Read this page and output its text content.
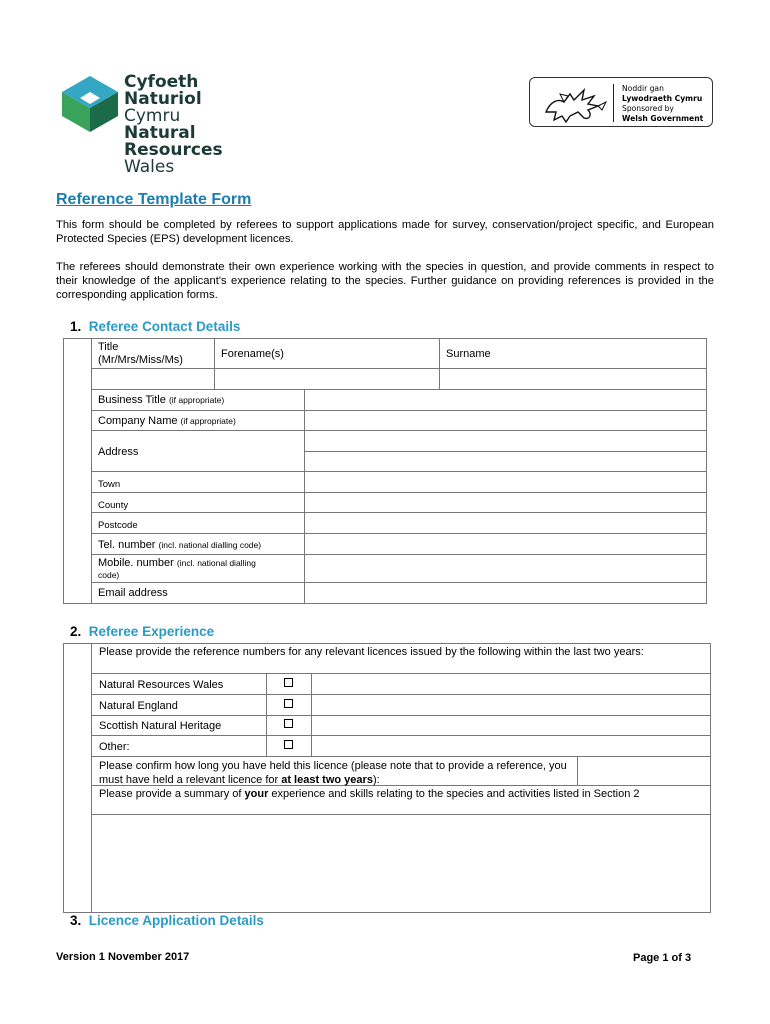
Cyfoeth
Naturiol
Cymru
Natural
Resources
Wales
Noddir gan
Lywodraeth Cymru
Sponsored by
Welsh Government
Reference Template Form
This form should be completed by referees to support applications made for survey, conservation/project specific, and European Protected Species (EPS) development licences.
The referees should demonstrate their own experience working with the species in question, and provide comments in respect to their knowledge of the applicant's experience relating to the species. Further guidance on providing references is provided in the corresponding application forms.
1. Referee Contact Details
Title
(Mr/Mrs/Miss/Ms)	Forename(s)	Surname
Business Title (if appropriate)
Company Name (if appropriate)
Address
Town
County
Postcode
Tel. number (incl. national dialling code)
Mobile. number (incl. national dialling
code)
Email address
2. Referee Experience
Please provide the reference numbers for any relevant licences issued by the following within the last two years:
Natural Resources Wales
Natural England
Scottish Natural Heritage
Other:
Please confirm how long you have held this licence (please note that to provide a reference, you must have held a relevant licence for at least two years):
Please provide a summary of your experience and skills relating to the species and activities listed in Section 2
3. Licence Application Details
Version 1 November 2017	Page 1 of 3
